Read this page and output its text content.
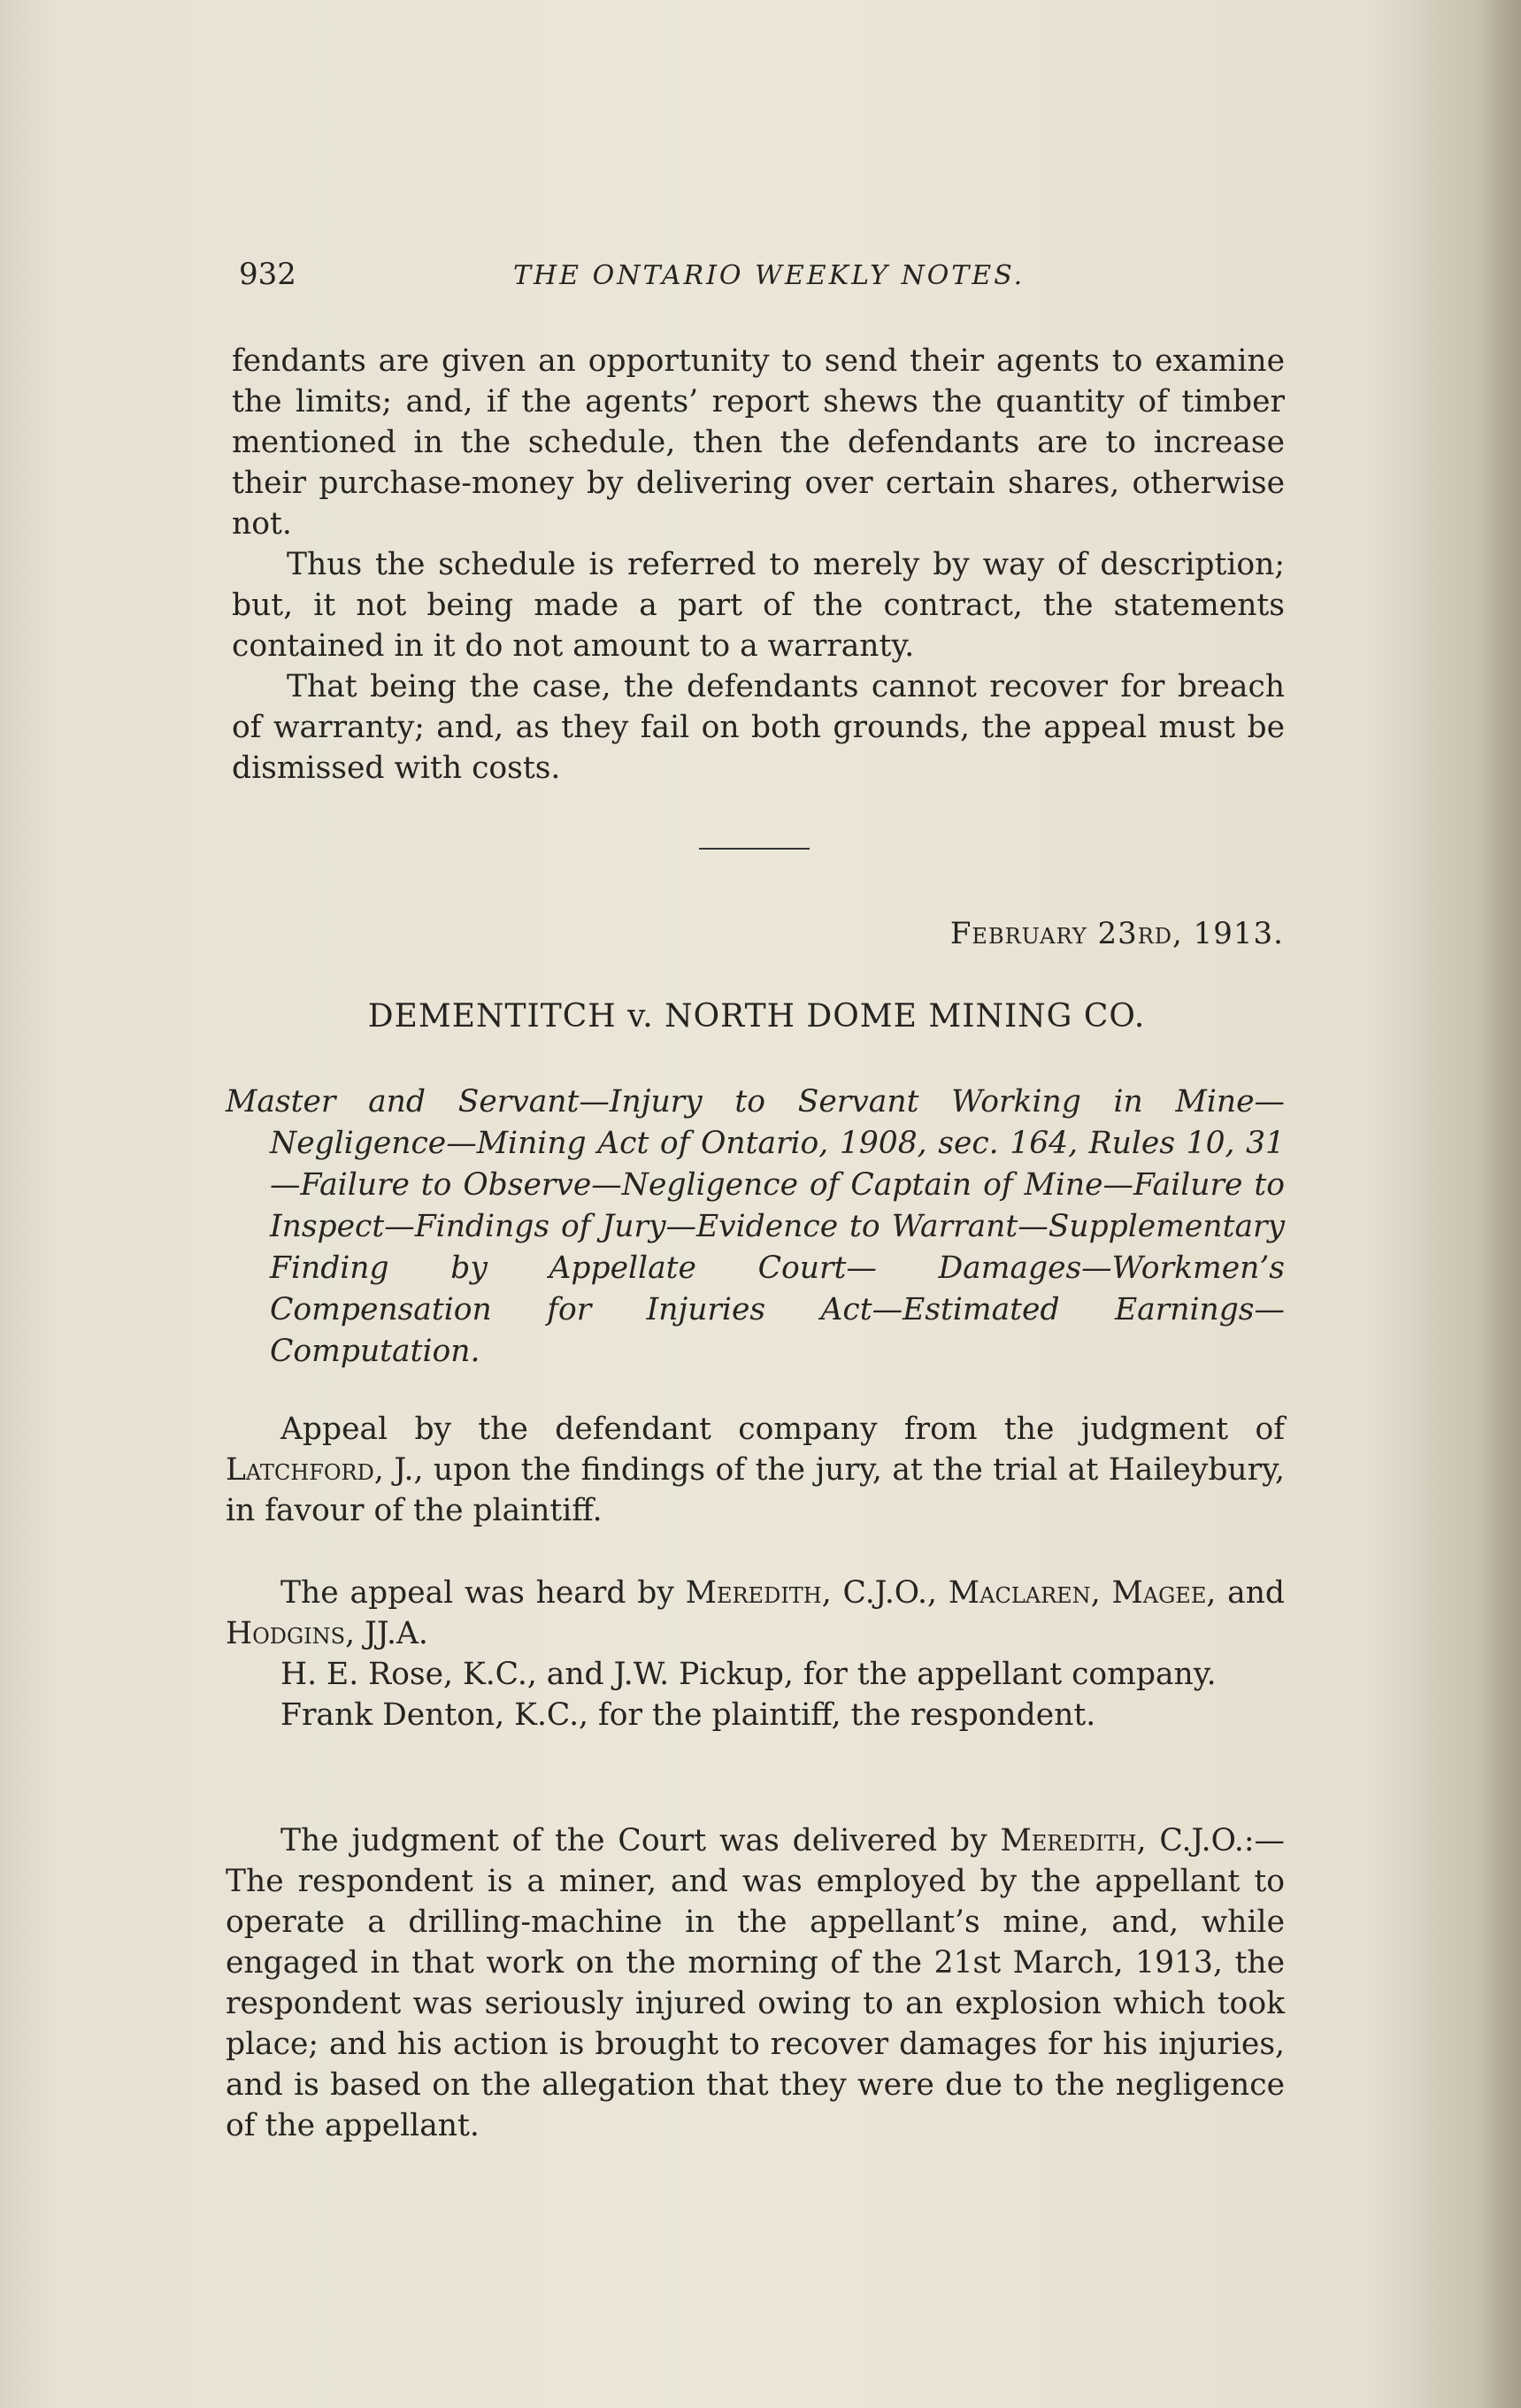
932	THE ONTARIO WEEKLY NOTES.

fendants are given an opportunity to send their agents to examine the limits; and, if the agents’ report shews the quantity of timber mentioned in the schedule, then the defendants are to increase their purchase-money by delivering over certain shares, otherwise not.

Thus the schedule is referred to merely by way of description; but, it not being made a part of the contract, the statements contained in it do not amount to a warranty.

That being the case, the defendants cannot recover for breach of warranty; and, as they fail on both grounds, the appeal must be dismissed with costs.

February 23rd, 1913.
DEMENTITCH v. NORTH DOME MINING CO.
Master and Servant—Injury to Servant Working in Mine—Negligence—Mining Act of Ontario, 1908, sec. 164, Rules 10, 31—Failure to Observe—Negligence of Captain of Mine—Failure to Inspect—Findings of Jury—Evidence to Warrant—Supplementary Finding by Appellate Court— Damages—Workmen’s Compensation for Injuries Act—Estimated Earnings—Computation.

Appeal by the defendant company from the judgment of Latchford, J., upon the findings of the jury, at the trial at Haileybury, in favour of the plaintiff.

The appeal was heard by Meredith, C.J.O., Maclaren, Magee, and Hodgins, JJ.A.

H. E. Rose, K.C., and J.W. Pickup, for the appellant company.

Frank Denton, K.C., for the plaintiff, the respondent.

The judgment of the Court was delivered by Meredith, C.J.O.:—The respondent is a miner, and was employed by the appellant to operate a drilling-machine in the appellant’s mine, and, while engaged in that work on the morning of the 21st March, 1913, the respondent was seriously injured owing to an explosion which took place; and his action is brought to recover damages for his injuries, and is based on the allegation that they were due to the negligence of the appellant.
